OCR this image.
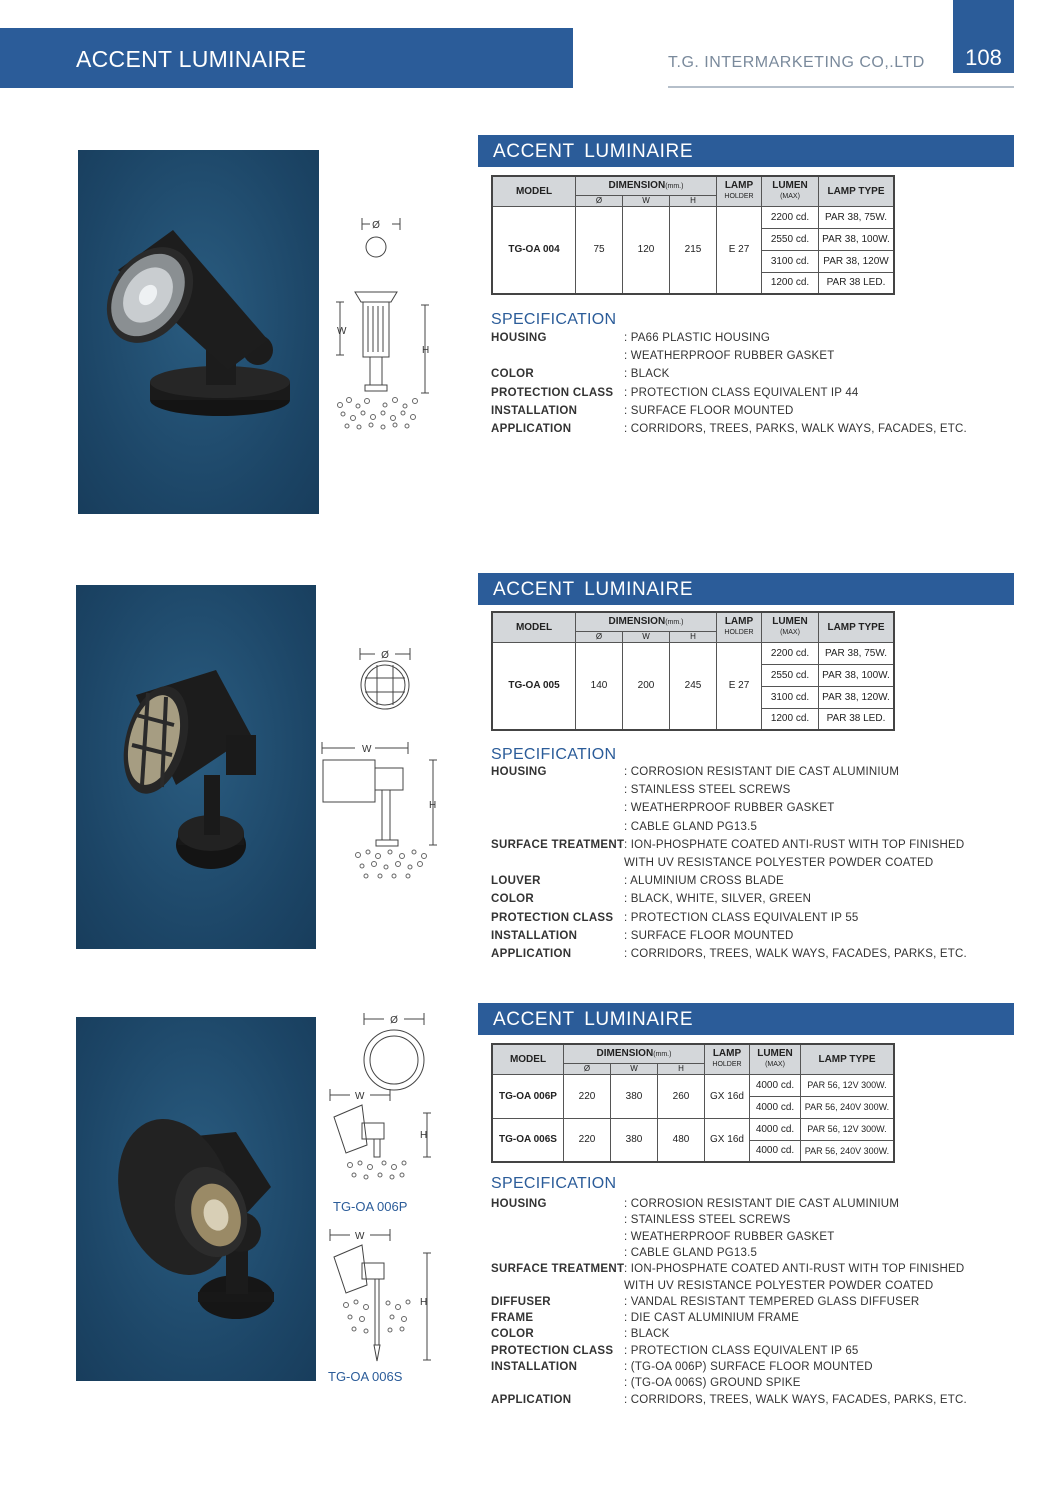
ACCENT LUMINAIRE	T.G. INTERMARKETING CO,.LTD	108
Ø
W
H
ACCENT LUMINAIRE
MODEL	DIMENSION(mm.)			LAMP
HOLDER	LUMEN
(MAX)	LAMP TYPE
	Ø	W	H			
TG-OA 004	75	120	215	E 27	2200 cd.	PAR 38, 75W.
					2550 cd.	PAR 38, 100W.
					3100 cd.	PAR 38, 120W
					1200 cd.	PAR 38 LED.
SPECIFICATION
HOUSING	: PA66 PLASTIC HOUSING
: WEATHERPROOF RUBBER GASKET
COLOR	: BLACK
PROTECTION CLASS : PROTECTION CLASS EQUIVALENT IP 44
INSTALLATION	: SURFACE FLOOR MOUNTED
APPLICATION	: CORRIDORS, TREES, PARKS, WALK WAYS, FACADES, ETC.
Ø
W
H
ACCENT LUMINAIRE
MODEL	DIMENSION(mm.)			LAMP
HOLDER	LUMEN
(MAX)	LAMP TYPE
	Ø	W	H			
TG-OA 005	140	200	245	E 27	2200 cd.	PAR 38, 75W.
					2550 cd.	PAR 38, 100W.
					3100 cd.	PAR 38, 120W.
					1200 cd.	PAR 38 LED.
SPECIFICATION
HOUSING	: CORROSION RESISTANT DIE CAST ALUMINIUM
: STAINLESS STEEL SCREWS
: WEATHERPROOF RUBBER GASKET
: CABLE GLAND PG13.5
SURFACE TREATMENT : ION-PHOSPHATE COATED ANTI-RUST WITH TOP FINISHED
WITH UV RESISTANCE POLYESTER POWDER COATED
LOUVER	: ALUMINIUM CROSS BLADE
COLOR	: BLACK, WHITE, SILVER, GREEN
PROTECTION CLASS : PROTECTION CLASS EQUIVALENT IP 55
INSTALLATION	: SURFACE FLOOR MOUNTED
APPLICATION	: CORRIDORS, TREES, WALK WAYS, FACADES, PARKS, ETC.
Ø
W
H
W
H
TG-OA 006P
TG-OA 006S
ACCENT LUMINAIRE
MODEL	DIMENSION(mm.)			LAMP
HOLDER	LUMEN
(MAX)	LAMP TYPE
	Ø	W	H			
TG-OA 006P	220	380	260	GX 16d	4000 cd.	PAR 56, 12V 300W.
					4000 cd.	PAR 56, 240V 300W.
TG-OA 006S	220	380	480	GX 16d	4000 cd.	PAR 56, 12V 300W.
					4000 cd.	PAR 56, 240V 300W.
SPECIFICATION
HOUSING	: CORROSION RESISTANT DIE CAST ALUMINIUM
: STAINLESS STEEL SCREWS
: WEATHERPROOF RUBBER GASKET
: CABLE GLAND PG13.5
SURFACE TREATMENT : ION-PHOSPHATE COATED ANTI-RUST WITH TOP FINISHED
WITH UV RESISTANCE POLYESTER POWDER COATED
DIFFUSER	: VANDAL RESISTANT TEMPERED GLASS DIFFUSER
FRAME	: DIE CAST ALUMINIUM FRAME
COLOR	: BLACK
PROTECTION CLASS : PROTECTION CLASS EQUIVALENT IP 65
INSTALLATION	: (TG-OA 006P) SURFACE FLOOR MOUNTED
: (TG-OA 006S) GROUND SPIKE
APPLICATION	: CORRIDORS, TREES, WALK WAYS, FACADES, PARKS, ETC.
